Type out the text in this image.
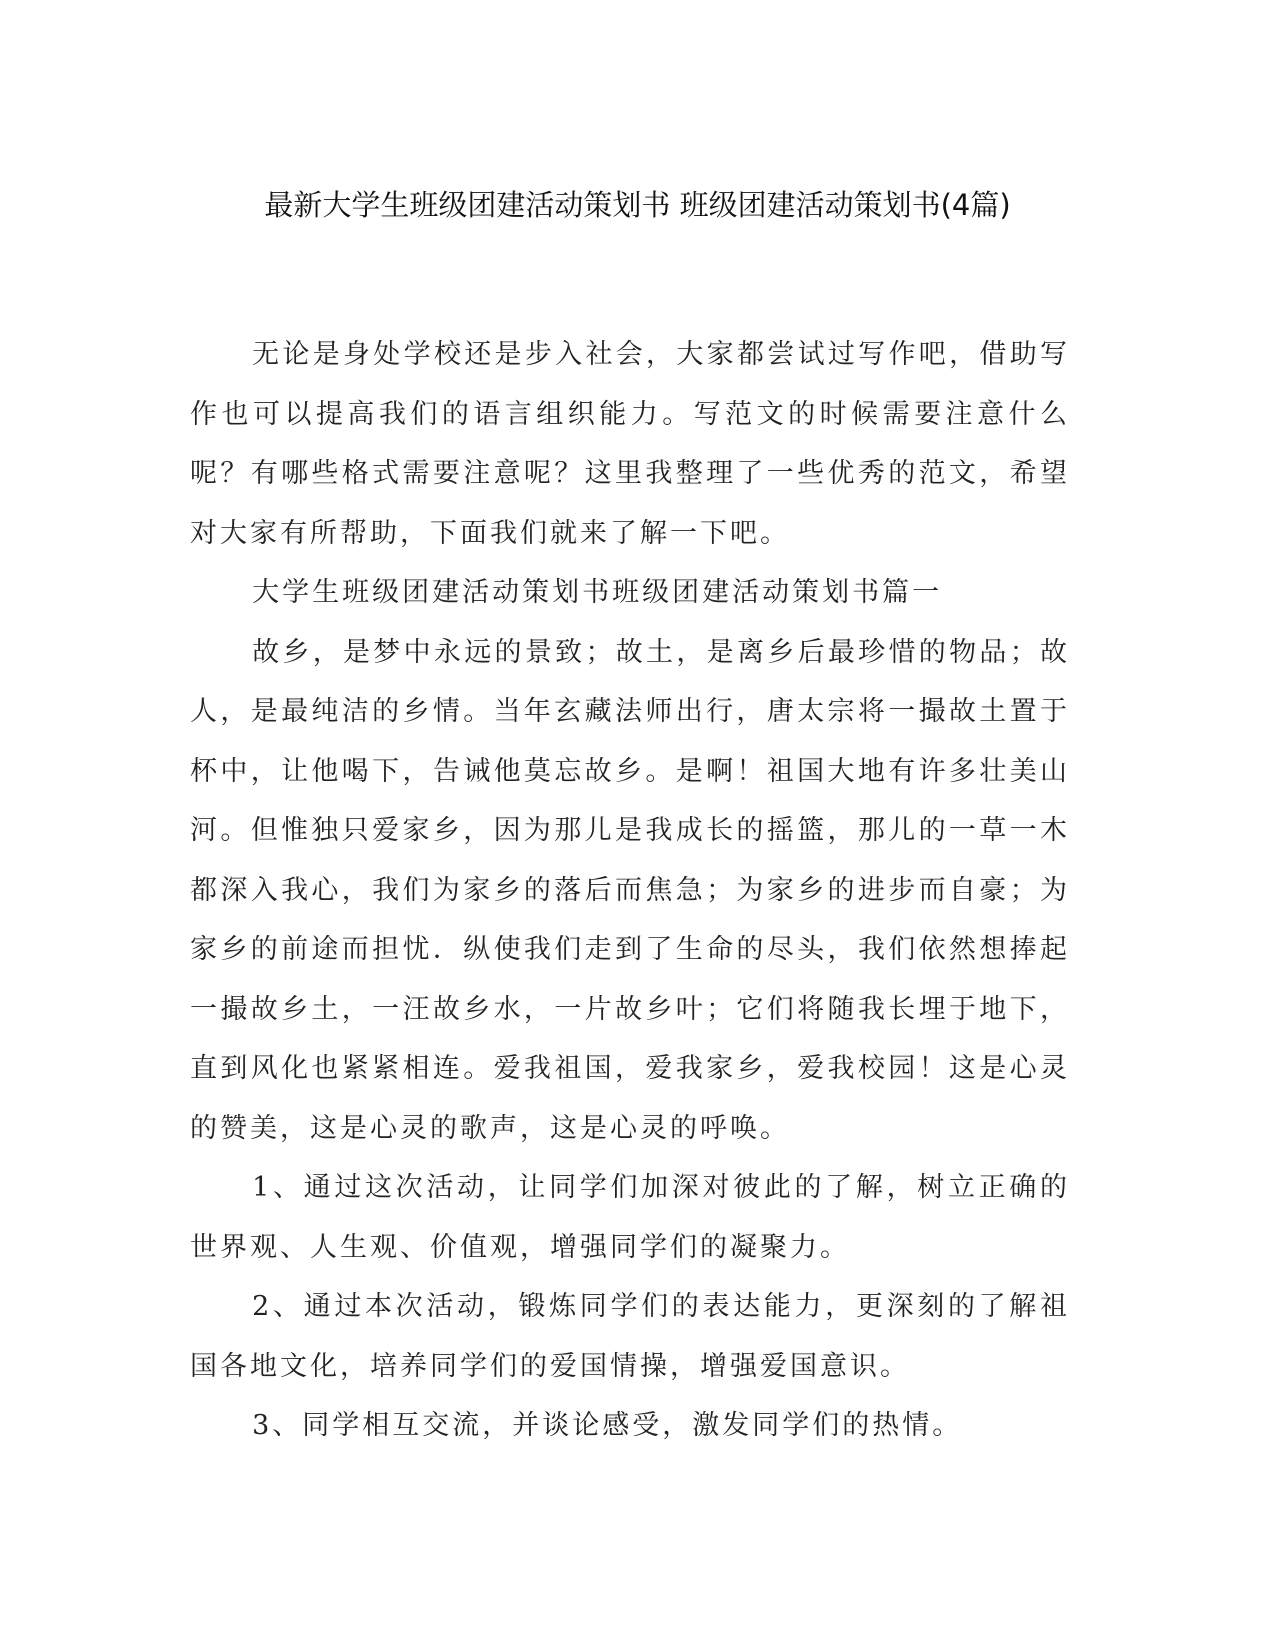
最新大学生班级团建活动策划书 班级团建活动策划书(4篇)

无论是身处学校还是步入社会，大家都尝试过写作吧，借助写作也可以提高我们的语言组织能力。写范文的时候需要注意什么呢？有哪些格式需要注意呢？这里我整理了一些优秀的范文，希望对大家有所帮助，下面我们就来了解一下吧。

大学生班级团建活动策划书班级团建活动策划书篇一

故乡，是梦中永远的景致；故土，是离乡后最珍惜的物品；故人，是最纯洁的乡情。当年玄藏法师出行，唐太宗将一撮故土置于杯中，让他喝下，告诫他莫忘故乡。是啊！祖国大地有许多壮美山河。但惟独只爱家乡，因为那儿是我成长的摇篮，那儿的一草一木都深入我心，我们为家乡的落后而焦急；为家乡的进步而自豪；为家乡的前途而担忧．纵使我们走到了生命的尽头，我们依然想捧起一撮故乡土，一汪故乡水，一片故乡叶；它们将随我长埋于地下，直到风化也紧紧相连。爱我祖国，爱我家乡，爱我校园！这是心灵的赞美，这是心灵的歌声，这是心灵的呼唤。

1、通过这次活动，让同学们加深对彼此的了解，树立正确的世界观、人生观、价值观，增强同学们的凝聚力。

2、通过本次活动，锻炼同学们的表达能力，更深刻的了解祖国各地文化，培养同学们的爱国情操，增强爱国意识。

3、同学相互交流，并谈论感受，激发同学们的热情。
